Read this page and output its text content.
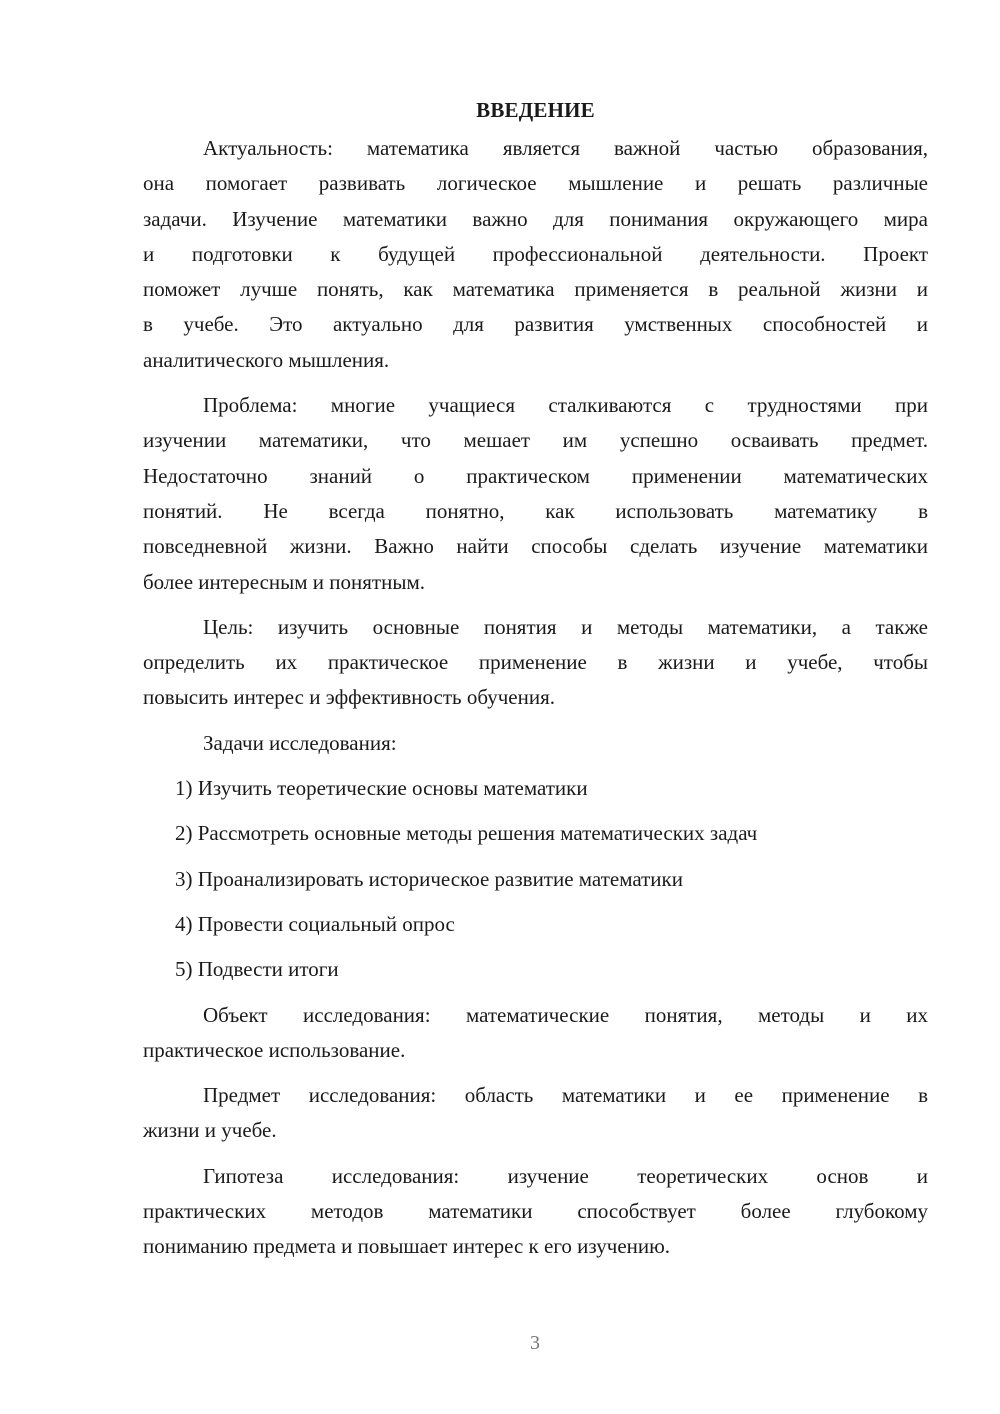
ВВЕДЕНИЕ
Актуальность: математика является важной частью образования,
она помогает развивать логическое мышление и решать различные
задачи. Изучение математики важно для понимания окружающего мира
и подготовки к будущей профессиональной деятельности. Проект
поможет лучше понять, как математика применяется в реальной жизни и
в учебе. Это актуально для развития умственных способностей и
аналитического мышления.
Проблема: многие учащиеся сталкиваются с трудностями при
изучении математики, что мешает им успешно осваивать предмет.
Недостаточно знаний о практическом применении математических
понятий. Не всегда понятно, как использовать математику в
повседневной жизни. Важно найти способы сделать изучение математики
более интересным и понятным.
Цель: изучить основные понятия и методы математики, а также
определить их практическое применение в жизни и учебе, чтобы
повысить интерес и эффективность обучения.
Задачи исследования:
1) Изучить теоретические основы математики
2) Рассмотреть основные методы решения математических задач
3) Проанализировать историческое развитие математики
4) Провести социальный опрос
5) Подвести итоги
Объект исследования: математические понятия, методы и их
практическое использование.
Предмет исследования: область математики и ее применение в
жизни и учебе.
Гипотеза исследования: изучение теоретических основ и
практических методов математики способствует более глубокому
пониманию предмета и повышает интерес к его изучению.
3
